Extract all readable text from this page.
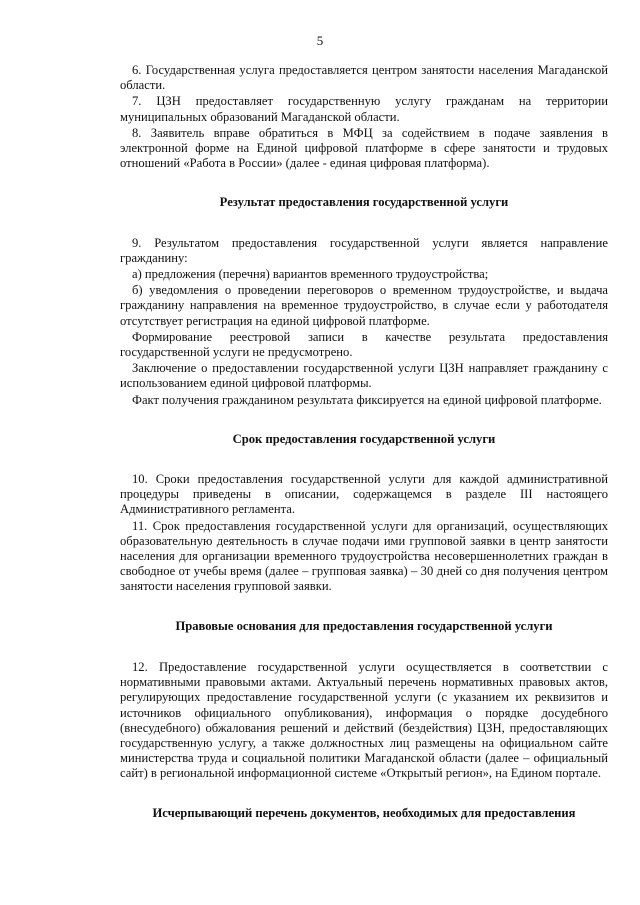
5

6. Государственная услуга предоставляется центром занятости населения Магаданской области.

7. ЦЗН предоставляет государственную услугу гражданам на территории муниципальных образований Магаданской области.

8. Заявитель вправе обратиться в МФЦ за содействием в подаче заявления в электронной форме на Единой цифровой платформе в сфере занятости и трудовых отношений «Работа в России» (далее - единая цифровая платформа).

Результат предоставления государственной услуги

9. Результатом предоставления государственной услуги является направление гражданину:

а) предложения (перечня) вариантов временного трудоустройства;

б) уведомления о проведении переговоров о временном трудоустройстве, и выдача гражданину направления на временное трудоустройство, в случае если у работодателя отсутствует регистрация на единой цифровой платформе.

Формирование реестровой записи в качестве результата предоставления государственной услуги не предусмотрено.

Заключение о предоставлении государственной услуги ЦЗН направляет гражданину с использованием единой цифровой платформы.

Факт получения гражданином результата фиксируется на единой цифровой платформе.

Срок предоставления государственной услуги

10. Сроки предоставления государственной услуги для каждой административной процедуры приведены в описании, содержащемся в разделе III настоящего Административного регламента.

11. Срок предоставления государственной услуги для организаций, осуществляющих образовательную деятельность в случае подачи ими групповой заявки в центр занятости населения для организации временного трудоустройства несовершеннолетних граждан в свободное от учебы время (далее – групповая заявка) – 30 дней со дня получения центром занятости населения групповой заявки.

Правовые основания для предоставления государственной услуги

12. Предоставление государственной услуги осуществляется в соответствии с нормативными правовыми актами. Актуальный перечень нормативных правовых актов, регулирующих предоставление государственной услуги (с указанием их реквизитов и источников официального опубликования), информация о порядке досудебного (внесудебного) обжалования решений и действий (бездействия) ЦЗН, предоставляющих государственную услугу, а также должностных лиц размещены на официальном сайте министерства труда и социальной политики Магаданской области (далее – официальный сайт) в региональной информационной системе «Открытый регион», на Едином портале.

Исчерпывающий перечень документов, необходимых для предоставления
